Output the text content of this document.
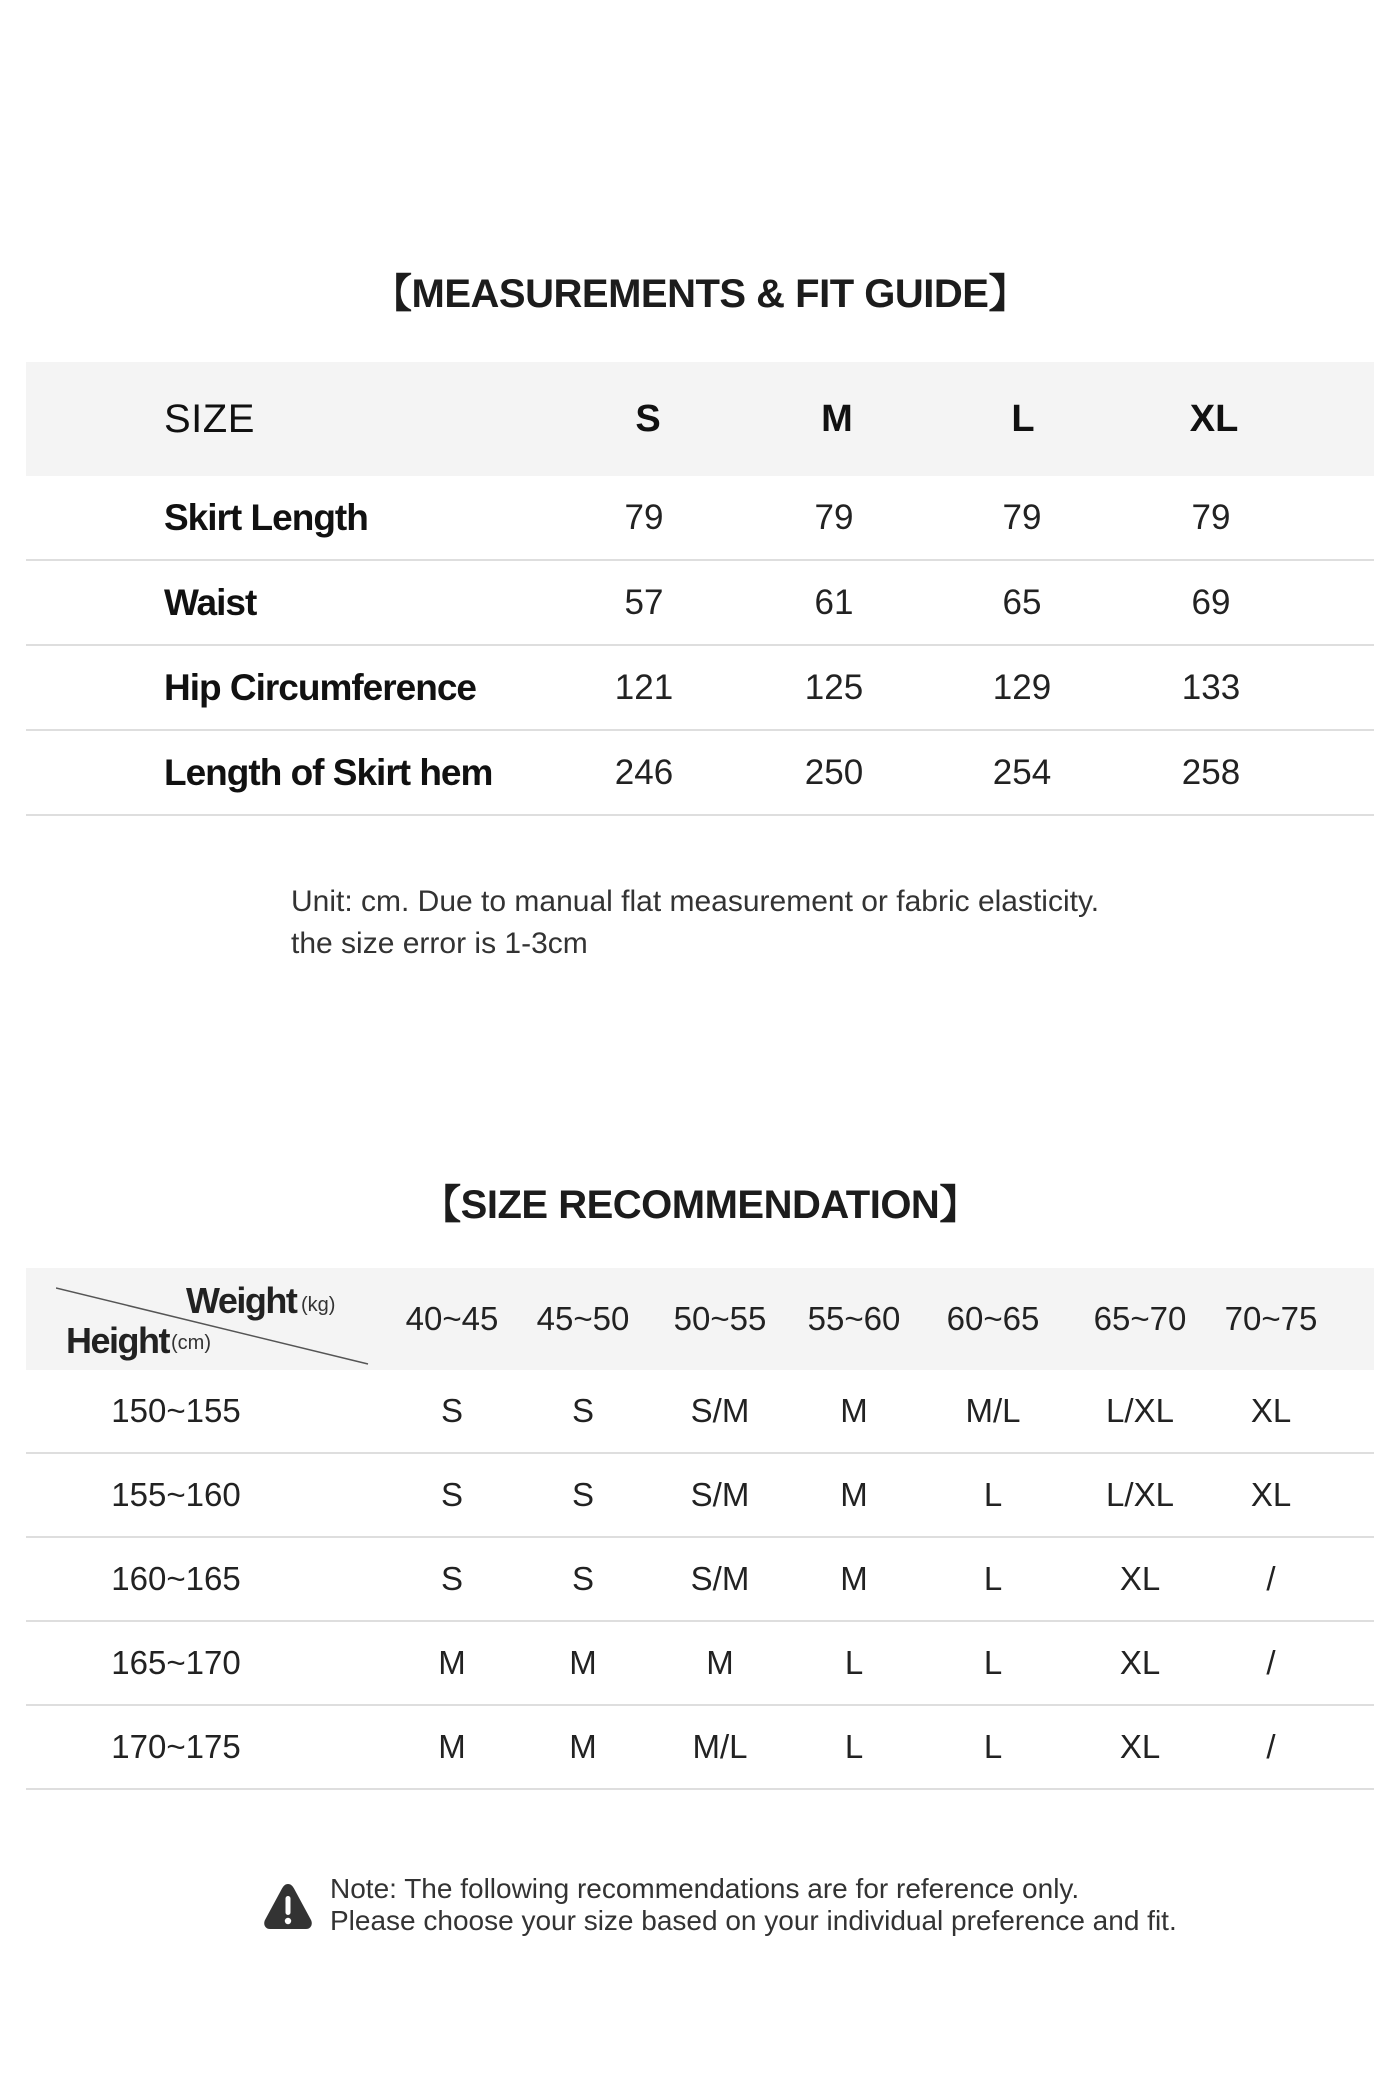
【MEASUREMENTS & FIT GUIDE】
SIZE	S	M	L	XL
Skirt Length	79	79	79	79
Waist	57	61	65	69
Hip Circumference	121	125	129	133
Length of Skirt hem	246	250	254	258
Unit: cm. Due to manual flat measurement or fabric elasticity.
the size error is 1-3cm
【SIZE RECOMMENDATION】
Weight (kg)
Height (cm)
40~45	45~50	50~55	55~60	60~65	65~70	70~75
150~155	S	S	S/M	M	M/L	L/XL	XL
155~160	S	S	S/M	M	L	L/XL	XL
160~165	S	S	S/M	M	L	XL	/
165~170	M	M	M	L	L	XL	/
170~175	M	M	M/L	L	L	XL	/
Note: The following recommendations are for reference only.
Please choose your size based on your individual preference and fit.
